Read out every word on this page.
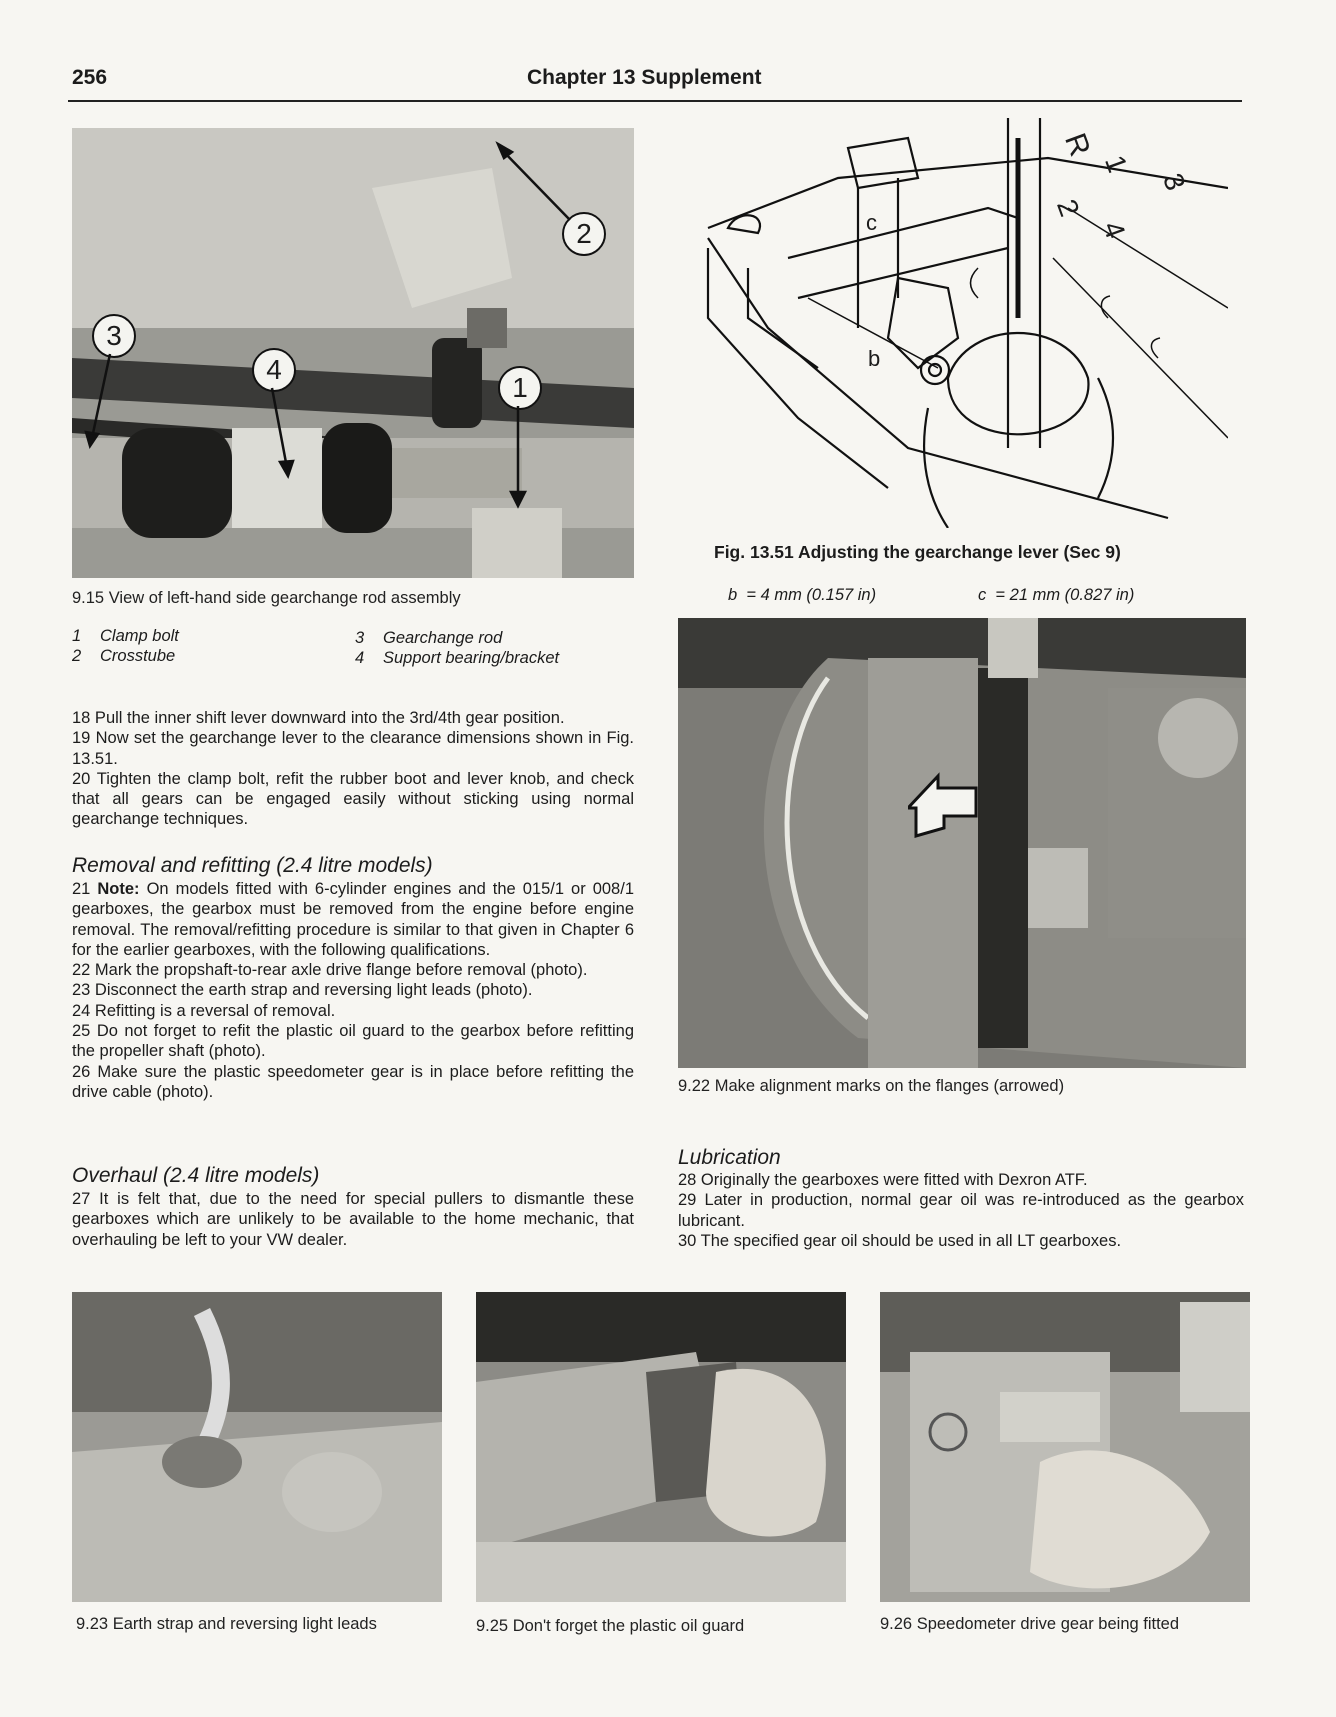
256	Chapter 13 Supplement
2
3
4
1
9.15 View of left-hand side gearchange rod assembly
1 Clamp bolt
2 Crosstube
3 Gearchange rod
4 Support bearing/bracket

18 Pull the inner shift lever downward into the 3rd/4th gear position.

19 Now set the gearchange lever to the clearance dimensions shown in Fig. 13.51.

20 Tighten the clamp bolt, refit the rubber boot and lever knob, and check that all gears can be engaged easily without sticking using normal gearchange techniques.

Removal and refitting (2.4 litre models)

21 Note: On models fitted with 6-cylinder engines and the 015/1 or 008/1 gearboxes, the gearbox must be removed from the engine before engine removal. The removal/refitting procedure is similar to that given in Chapter 6 for the earlier gearboxes, with the following qualifications.

22 Mark the propshaft-to-rear axle drive flange before removal (photo).

23 Disconnect the earth strap and reversing light leads (photo).

24 Refitting is a reversal of removal.

25 Do not forget to refit the plastic oil guard to the gearbox before refitting the propeller shaft (photo).

26 Make sure the plastic speedometer gear is in place before refitting the drive cable (photo).

Overhaul (2.4 litre models)

27 It is felt that, due to the need for special pullers to dismantle these gearboxes which are unlikely to be available to the home mechanic, that overhauling be left to your VW dealer.

R
1
3
2
4
c
b
Fig. 13.51 Adjusting the gearchange lever (Sec 9)
b  = 4 mm (0.157 in)	c  = 21 mm (0.827 in)
9.22 Make alignment marks on the flanges (arrowed)
Lubrication

28 Originally the gearboxes were fitted with Dexron ATF.

29 Later in production, normal gear oil was re-introduced as the gearbox lubricant.

30 The specified gear oil should be used in all LT gearboxes.

9.23 Earth strap and reversing light leads	9.25 Don't forget the plastic oil guard	9.26 Speedometer drive gear being fitted
